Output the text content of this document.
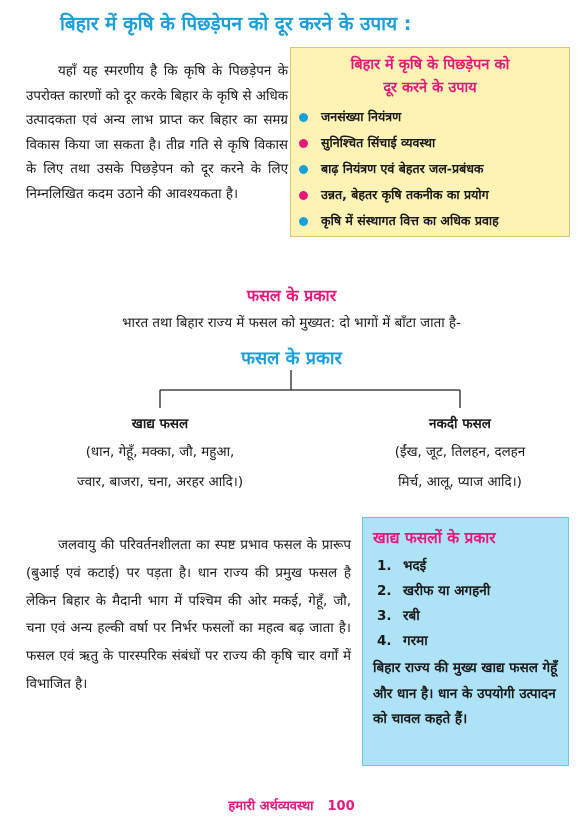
बिहार में कृषि के पिछड़ेपन को दूर करने के उपाय :

यहाँ यह स्मरणीय है कि कृषि के पिछड़ेपन के उपरोक्त कारणों को दूर करके बिहार के कृषि से अधिक उत्पादकता एवं अन्य लाभ प्राप्त कर बिहार का समग्र विकास किया जा सकता है। तीव्र गति से कृषि विकास के लिए तथा उसके पिछड़ेपन को दूर करने के लिए निम्नलिखित कदम उठाने की आवश्यकता है।

बिहार में कृषि के पिछड़ेपन को
दूर करने के उपाय
जनसंख्या नियंत्रण
सुनिश्चित सिंचाई व्यवस्था
बाढ़ नियंत्रण एवं बेहतर जल-प्रबंधक
उन्नत, बेहतर कृषि तकनीक का प्रयोग
कृषि में संस्थागत वित्त का अधिक प्रवाह
फसल के प्रकार
भारत तथा बिहार राज्य में फसल को मुख्यत: दो भागों में बाँटा जाता है-
फसल के प्रकार
खाद्य फसल
(धान, गेहूँ, मक्का, जौ, महुआ,
ज्वार, बाजरा, चना, अरहर आदि।)
नकदी फसल
(ईंख, जूट, तिलहन, दलहन
मिर्च, आलू, प्याज आदि।)

जलवायु की परिवर्तनशीलता का स्पष्ट प्रभाव फसल के प्रारूप (बुआई एवं कटाई) पर पड़ता है। धान राज्य की प्रमुख फसल है लेकिन बिहार के मैदानी भाग में पश्चिम की ओर मकई, गेहूँ, जौ, चना एवं अन्य हल्की वर्षा पर निर्भर फसलों का महत्व बढ़ जाता है। फसल एवं ऋतु के पारस्परिक संबंधों पर राज्य की कृषि चार वर्गों में विभाजित है।

खाद्य फसलों के प्रकार
1. भदई
2. खरीफ या अगहनी
3. रबी
4. गरमा
बिहार राज्य की मुख्य खाद्य फसल गेहूँ और धान है। धान के उपयोगी उत्पादन को चावल कहते हैं।
हमारी अर्थव्यवस्था 100
